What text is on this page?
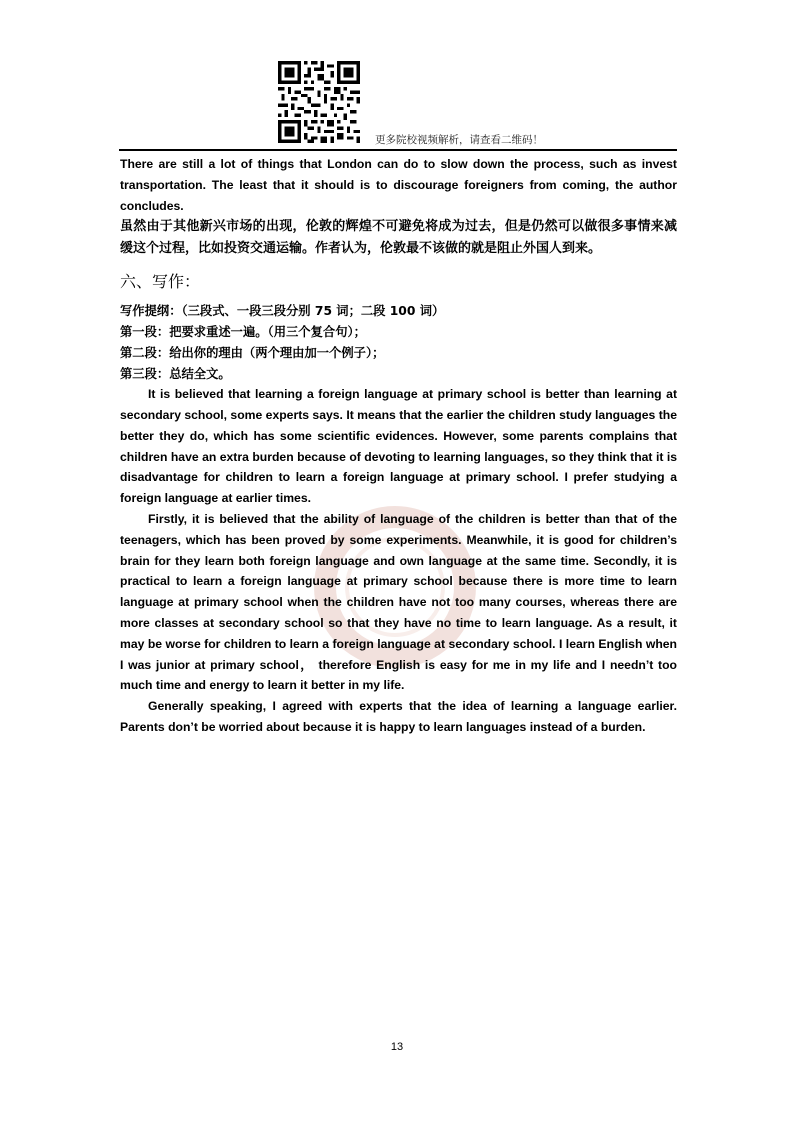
更多院校视频解析，请查看二维码！

There are still a lot of things that London can do to slow down the process, such as invest transportation. The least that it should is to discourage foreigners from coming, the author concludes.

虽然由于其他新兴市场的出现，伦敦的辉煌不可避免将成为过去，但是仍然可以做很多事情来减缓这个过程，比如投资交通运输。作者认为，伦敦最不该做的就是阻止外国人到来。

六、写作：

写作提纲：（三段式、一段三段分别 75 词；二段 100 词）

第一段：把要求重述一遍。（用三个复合句）；

第二段：给出你的理由（两个理由加一个例子）；

第三段：总结全文。

It is believed that learning a foreign language at primary school is better than learning at secondary school, some experts says. It means that the earlier the children study languages the better they do, which has some scientific evidences. However, some parents complains that children have an extra burden because of devoting to learning languages, so they think that it is disadvantage for children to learn a foreign language at primary school. I prefer studying a foreign language at earlier times.

Firstly, it is believed that the ability of language of the children is better than that of the teenagers, which has been proved by some experiments. Meanwhile, it is good for children’s brain for they learn both foreign language and own language at the same time. Secondly, it is practical to learn a foreign language at primary school because there is more time to learn language at primary school when the children have not too many courses, whereas there are more classes at secondary school so that they have no time to learn language. As a result, it may be worse for children to learn a foreign language at secondary school. I learn English when I was junior at primary school， therefore English is easy for me in my life and I needn’t too much time and energy to learn it better in my life.

Generally speaking, I agreed with experts that the idea of learning a language earlier. Parents don’t be worried about because it is happy to learn languages instead of a burden.

13
